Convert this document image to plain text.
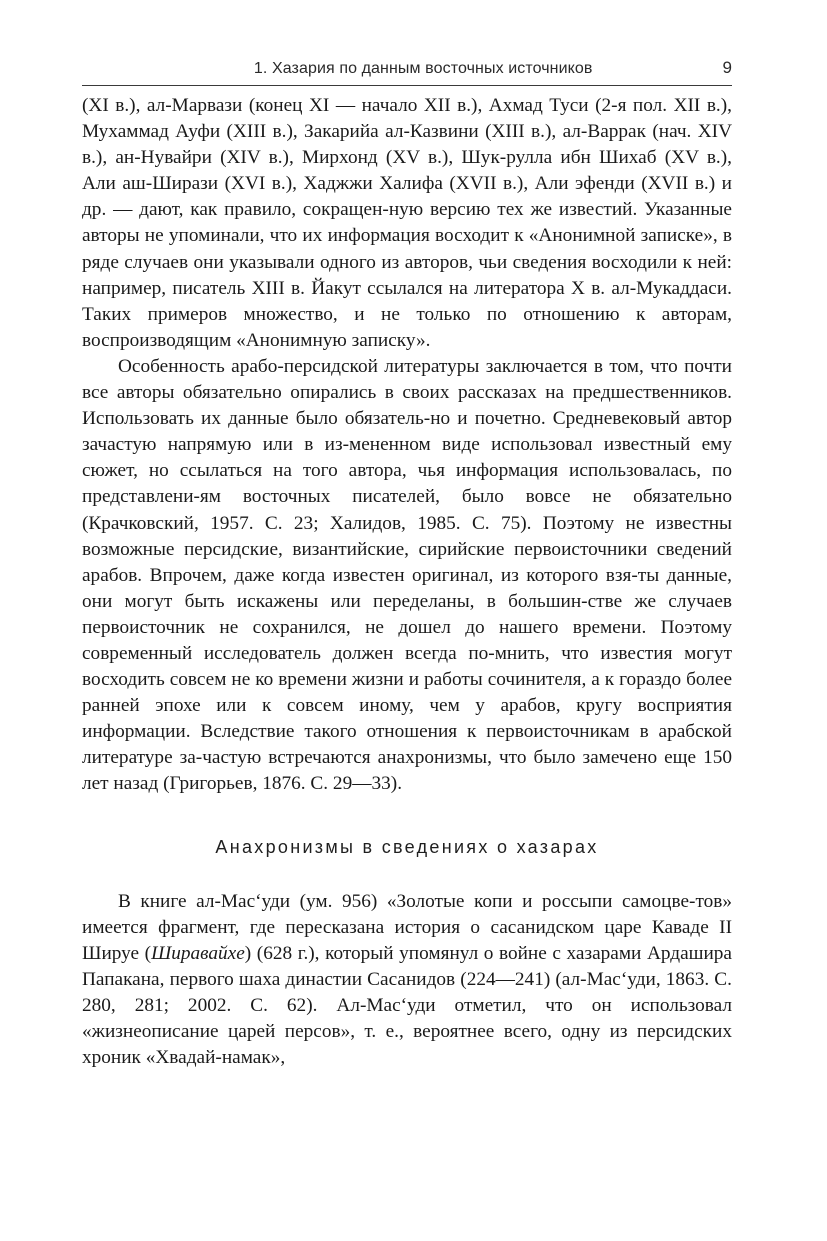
1. Хазария по данным восточных источников	9

(XI в.), ал-Марвази (конец XI — начало XII в.), Ахмад Туси (2-я пол. XII в.), Мухаммад Ауфи (XIII в.), Закарийа ал-Казвини (XIII в.), ал-Варрак (нач. XIV в.), ан-Нувайри (XIV в.), Мирхонд (XV в.), Шук-рулла ибн Шихаб (XV в.), Али аш-Ширази (XVI в.), Хаджжи Халифа (XVII в.), Али эфенди (XVII в.) и др. — дают, как правило, сокращен-ную версию тех же известий. Указанные авторы не упоминали, что их информация восходит к «Анонимной записке», в ряде случаев они указывали одного из авторов, чьи сведения восходили к ней: например, писатель XIII в. Йакут ссылался на литератора X в. ал-Мукаддаси. Таких примеров множество, и не только по отношению к авторам, воспроизводящим «Анонимную записку».

Особенность арабо-персидской литературы заключается в том, что почти все авторы обязательно опирались в своих рассказах на предшественников. Использовать их данные было обязатель-но и почетно. Средневековый автор зачастую напрямую или в из-мененном виде использовал известный ему сюжет, но ссылаться на того автора, чья информация использовалась, по представлени-ям восточных писателей, было вовсе не обязательно (Крачковский, 1957. С. 23; Халидов, 1985. С. 75). Поэтому не известны возможные персидские, византийские, сирийские первоисточники сведений арабов. Впрочем, даже когда известен оригинал, из которого взя-ты данные, они могут быть искажены или переделаны, в большин-стве же случаев первоисточник не сохранился, не дошел до нашего времени. Поэтому современный исследователь должен всегда по-мнить, что известия могут восходить совсем не ко времени жизни и работы сочинителя, а к гораздо более ранней эпохе или к совсем иному, чем у арабов, кругу восприятия информации. Вследствие такого отношения к первоисточникам в арабской литературе за-частую встречаются анахронизмы, что было замечено еще 150 лет назад (Григорьев, 1876. С. 29—33).

Анахронизмы в сведениях о хазарах

В книге ал-Мас‘уди (ум. 956) «Золотые копи и россыпи самоцве-тов» имеется фрагмент, где пересказана история о сасанидском царе Каваде II Шируе (Ширавайхе) (628 г.), который упомянул о войне с хазарами Ардашира Папакана, первого шаха династии Сасанидов (224—241) (ал-Мас‘уди, 1863. С. 280, 281; 2002. С. 62). Ал-Мас‘уди отметил, что он использовал «жизнеописание царей персов», т. е., вероятнее всего, одну из персидских хроник «Хвадай-намак»,
